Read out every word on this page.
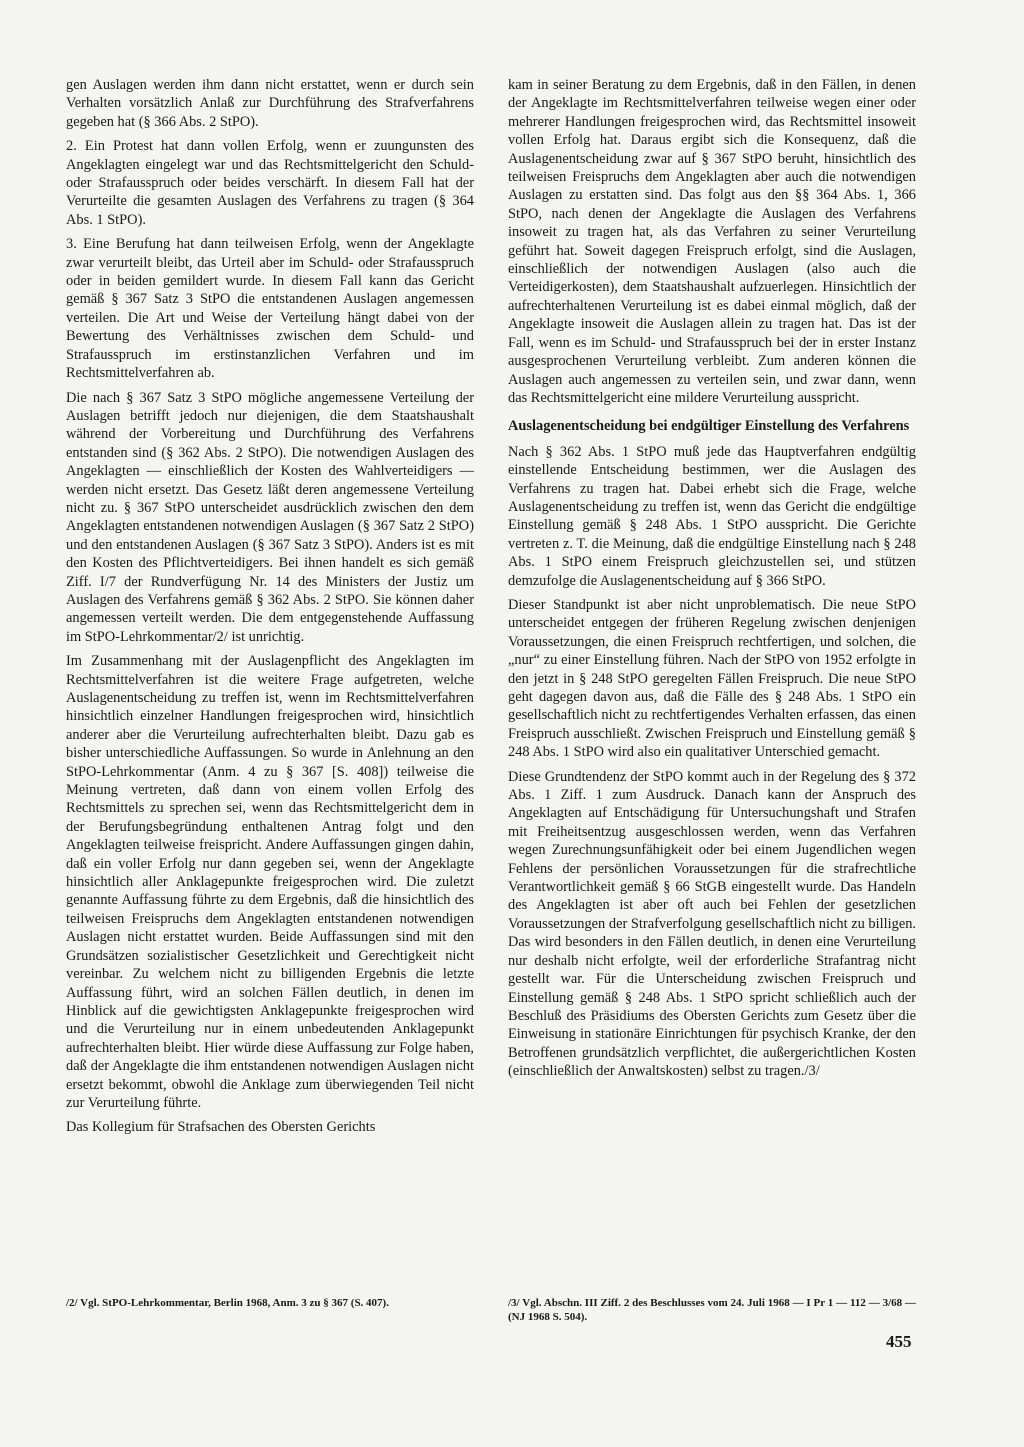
gen Auslagen werden ihm dann nicht erstattet, wenn er durch sein Verhalten vorsätzlich Anlaß zur Durchführung des Strafverfahrens gegeben hat (§ 366 Abs. 2 StPO).

2. Ein Protest hat dann vollen Erfolg, wenn er zuungunsten des Angeklagten eingelegt war und das Rechtsmittelgericht den Schuld- oder Strafausspruch oder beides verschärft. In diesem Fall hat der Verurteilte die gesamten Auslagen des Verfahrens zu tragen (§ 364 Abs. 1 StPO).

3. Eine Berufung hat dann teilweisen Erfolg, wenn der Angeklagte zwar verurteilt bleibt, das Urteil aber im Schuld- oder Strafausspruch oder in beiden gemildert wurde. In diesem Fall kann das Gericht gemäß § 367 Satz 3 StPO die entstandenen Auslagen angemessen verteilen. Die Art und Weise der Verteilung hängt dabei von der Bewertung des Verhältnisses zwischen dem Schuld- und Strafausspruch im erstinstanzlichen Verfahren und im Rechtsmittelverfahren ab.

Die nach § 367 Satz 3 StPO mögliche angemessene Verteilung der Auslagen betrifft jedoch nur diejenigen, die dem Staatshaushalt während der Vorbereitung und Durchführung des Verfahrens entstanden sind (§ 362 Abs. 2 StPO). Die notwendigen Auslagen des Angeklagten — einschließlich der Kosten des Wahlverteidigers — werden nicht ersetzt. Das Gesetz läßt deren angemessene Verteilung nicht zu. § 367 StPO unterscheidet ausdrücklich zwischen den dem Angeklagten entstandenen notwendigen Auslagen (§ 367 Satz 2 StPO) und den entstandenen Auslagen (§ 367 Satz 3 StPO). Anders ist es mit den Kosten des Pflichtverteidigers. Bei ihnen handelt es sich gemäß Ziff. I/7 der Rundverfügung Nr. 14 des Ministers der Justiz um Auslagen des Verfahrens gemäß § 362 Abs. 2 StPO. Sie können daher angemessen verteilt werden. Die dem entgegenstehende Auffassung im StPO-Lehrkommentar/2/ ist unrichtig.

Im Zusammenhang mit der Auslagenpflicht des Angeklagten im Rechtsmittelverfahren ist die weitere Frage aufgetreten, welche Auslagenentscheidung zu treffen ist, wenn im Rechtsmittelverfahren hinsichtlich einzelner Handlungen freigesprochen wird, hinsichtlich anderer aber die Verurteilung aufrechterhalten bleibt. Dazu gab es bisher unterschiedliche Auffassungen. So wurde in Anlehnung an den StPO-Lehrkommentar (Anm. 4 zu § 367 [S. 408]) teilweise die Meinung vertreten, daß dann von einem vollen Erfolg des Rechtsmittels zu sprechen sei, wenn das Rechtsmittelgericht dem in der Berufungsbegründung enthaltenen Antrag folgt und den Angeklagten teilweise freispricht. Andere Auffassungen gingen dahin, daß ein voller Erfolg nur dann gegeben sei, wenn der Angeklagte hinsichtlich aller Anklagepunkte freigesprochen wird. Die zuletzt genannte Auffassung führte zu dem Ergebnis, daß die hinsichtlich des teilweisen Freispruchs dem Angeklagten entstandenen notwendigen Auslagen nicht erstattet wurden. Beide Auffassungen sind mit den Grundsätzen sozialistischer Gesetzlichkeit und Gerechtigkeit nicht vereinbar. Zu welchem nicht zu billigenden Ergebnis die letzte Auffassung führt, wird an solchen Fällen deutlich, in denen im Hinblick auf die gewichtigsten Anklagepunkte freigesprochen wird und die Verurteilung nur in einem unbedeutenden Anklagepunkt aufrechterhalten bleibt. Hier würde diese Auffassung zur Folge haben, daß der Angeklagte die ihm entstandenen notwendigen Auslagen nicht ersetzt bekommt, obwohl die Anklage zum überwiegenden Teil nicht zur Verurteilung führte.

Das Kollegium für Strafsachen des Obersten Gerichts

kam in seiner Beratung zu dem Ergebnis, daß in den Fällen, in denen der Angeklagte im Rechtsmittelverfahren teilweise wegen einer oder mehrerer Handlungen freigesprochen wird, das Rechtsmittel insoweit vollen Erfolg hat. Daraus ergibt sich die Konsequenz, daß die Auslagenentscheidung zwar auf § 367 StPO beruht, hinsichtlich des teilweisen Freispruchs dem Angeklagten aber auch die notwendigen Auslagen zu erstatten sind. Das folgt aus den §§ 364 Abs. 1, 366 StPO, nach denen der Angeklagte die Auslagen des Verfahrens insoweit zu tragen hat, als das Verfahren zu seiner Verurteilung geführt hat. Soweit dagegen Freispruch erfolgt, sind die Auslagen, einschließlich der notwendigen Auslagen (also auch die Verteidigerkosten), dem Staatshaushalt aufzuerlegen. Hinsichtlich der aufrechterhaltenen Verurteilung ist es dabei einmal möglich, daß der Angeklagte insoweit die Auslagen allein zu tragen hat. Das ist der Fall, wenn es im Schuld- und Strafausspruch bei der in erster Instanz ausgesprochenen Verurteilung verbleibt. Zum anderen können die Auslagen auch angemessen zu verteilen sein, und zwar dann, wenn das Rechtsmittelgericht eine mildere Verurteilung ausspricht.

Auslagenentscheidung bei endgültiger Einstellung des Verfahrens

Nach § 362 Abs. 1 StPO muß jede das Hauptverfahren endgültig einstellende Entscheidung bestimmen, wer die Auslagen des Verfahrens zu tragen hat. Dabei erhebt sich die Frage, welche Auslagenentscheidung zu treffen ist, wenn das Gericht die endgültige Einstellung gemäß § 248 Abs. 1 StPO ausspricht. Die Gerichte vertreten z. T. die Meinung, daß die endgültige Einstellung nach § 248 Abs. 1 StPO einem Freispruch gleichzustellen sei, und stützen demzufolge die Auslagenentscheidung auf § 366 StPO.

Dieser Standpunkt ist aber nicht unproblematisch. Die neue StPO unterscheidet entgegen der früheren Regelung zwischen denjenigen Voraussetzungen, die einen Freispruch rechtfertigen, und solchen, die „nur“ zu einer Einstellung führen. Nach der StPO von 1952 erfolgte in den jetzt in § 248 StPO geregelten Fällen Freispruch. Die neue StPO geht dagegen davon aus, daß die Fälle des § 248 Abs. 1 StPO ein gesellschaftlich nicht zu rechtfertigendes Verhalten erfassen, das einen Freispruch ausschließt. Zwischen Freispruch und Einstellung gemäß § 248 Abs. 1 StPO wird also ein qualitativer Unterschied gemacht.

Diese Grundtendenz der StPO kommt auch in der Regelung des § 372 Abs. 1 Ziff. 1 zum Ausdruck. Danach kann der Anspruch des Angeklagten auf Entschädigung für Untersuchungshaft und Strafen mit Freiheitsentzug ausgeschlossen werden, wenn das Verfahren wegen Zurechnungsunfähigkeit oder bei einem Jugendlichen wegen Fehlens der persönlichen Voraussetzungen für die strafrechtliche Verantwortlichkeit gemäß § 66 StGB eingestellt wurde. Das Handeln des Angeklagten ist aber oft auch bei Fehlen der gesetzlichen Voraussetzungen der Strafverfolgung gesellschaftlich nicht zu billigen. Das wird besonders in den Fällen deutlich, in denen eine Verurteilung nur deshalb nicht erfolgte, weil der erforderliche Strafantrag nicht gestellt war. Für die Unterscheidung zwischen Freispruch und Einstellung gemäß § 248 Abs. 1 StPO spricht schließlich auch der Beschluß des Präsidiums des Obersten Gerichts zum Gesetz über die Einweisung in stationäre Einrichtungen für psychisch Kranke, der den Betroffenen grundsätzlich verpflichtet, die außergerichtlichen Kosten (einschließlich der Anwaltskosten) selbst zu tragen./3/

/2/ Vgl. StPO-Lehrkommentar, Berlin 1968, Anm. 3 zu § 367 (S. 407).	/3/ Vgl. Abschn. III Ziff. 2 des Beschlusses vom 24. Juli 1968 — I Pr 1 — 112 — 3/68 — (NJ 1968 S. 504).
455
